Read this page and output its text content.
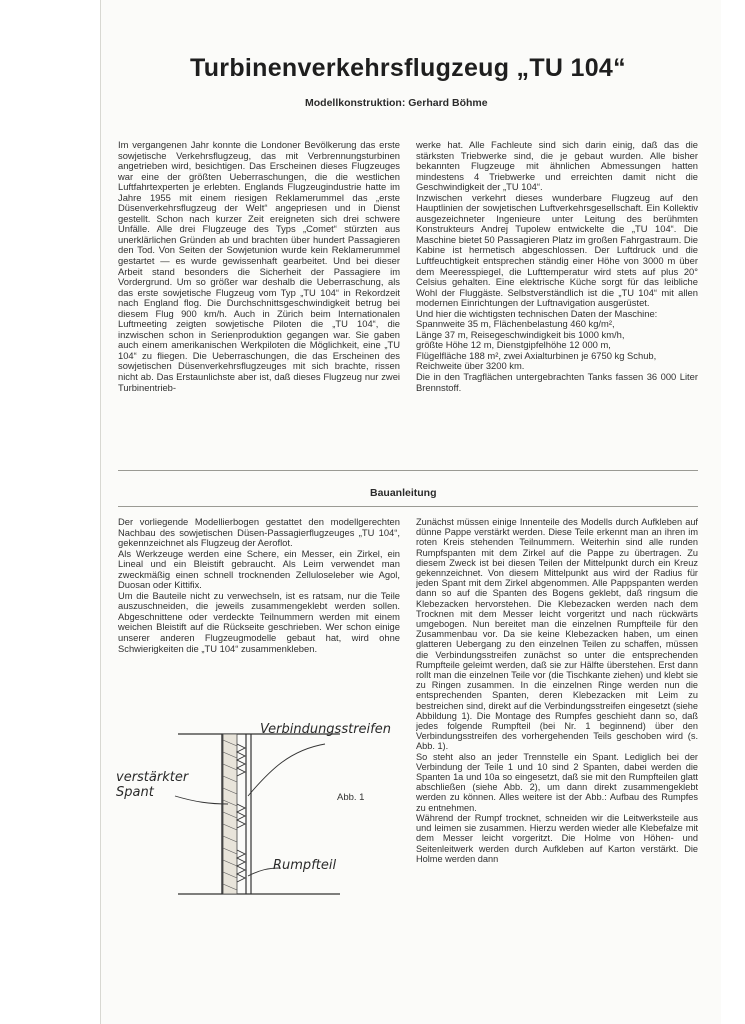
Turbinenverkehrsflugzeug „TU 104“
Modellkonstruktion: Gerhard Böhme

Im vergangenen Jahr konnte die Londoner Bevölkerung das erste sowjetische Verkehrsflugzeug, das mit Verbrennungsturbinen angetrieben wird, besichtigen. Das Erscheinen dieses Flugzeuges war eine der größten Ueberraschungen, die die westlichen Luftfahrtexperten je erlebten. Englands Flugzeugindustrie hatte im Jahre 1955 mit einem riesigen Reklamerummel das „erste Düsenverkehrsflugzeug der Welt“ angepriesen und in Dienst gestellt. Schon nach kurzer Zeit ereigneten sich drei schwere Unfälle. Alle drei Flugzeuge des Typs „Comet“ stürzten aus unerklärlichen Gründen ab und brachten über hundert Passagieren den Tod. Von Seiten der Sowjetunion wurde kein Reklamerummel gestartet — es wurde gewissenhaft gearbeitet. Und bei dieser Arbeit stand besonders die Sicherheit der Passagiere im Vordergrund. Um so größer war deshalb die Ueberraschung, als das erste sowjetische Flugzeug vom Typ „TU 104“ in Rekordzeit nach England flog. Die Durchschnittsgeschwindigkeit betrug bei diesem Flug 900 km/h. Auch in Zürich beim Internationalen Luftmeeting zeigten sowjetische Piloten die „TU 104“, die inzwischen schon in Serienproduktion gegangen war. Sie gaben auch einem amerikanischen Werkpiloten die Möglichkeit, eine „TU 104“ zu fliegen. Die Ueberraschungen, die das Erscheinen des sowjetischen Düsenverkehrsflugzeuges mit sich brachte, rissen nicht ab. Das Erstaunlichste aber ist, daß dieses Flugzeug nur zwei Turbinentrieb-

werke hat. Alle Fachleute sind sich darin einig, daß das die stärksten Triebwerke sind, die je gebaut wurden. Alle bisher bekannten Flugzeuge mit ähnlichen Abmessungen hatten mindestens 4 Triebwerke und erreichten damit nicht die Geschwindigkeit der „TU 104“.

Inzwischen verkehrt dieses wunderbare Flugzeug auf den Hauptlinien der sowjetischen Luftverkehrsgesellschaft. Ein Kollektiv ausgezeichneter Ingenieure unter Leitung des berühmten Konstrukteurs Andrej Tupolew entwickelte die „TU 104“. Die Maschine bietet 50 Passagieren Platz im großen Fahrgastraum. Die Kabine ist hermetisch abgeschlossen. Der Luftdruck und die Luftfeuchtigkeit entsprechen ständig einer Höhe von 3000 m über dem Meeresspiegel, die Lufttemperatur wird stets auf plus 20° Celsius gehalten. Eine elektrische Küche sorgt für das leibliche Wohl der Fluggäste. Selbstverständlich ist die „TU 104“ mit allen modernen Einrichtungen der Luftnavigation ausgerüstet.

Und hier die wichtigsten technischen Daten der Maschine:

Spannweite 35 m, Flächenbelastung 460 kg/m²,

Länge 37 m, Reisegeschwindigkeit bis 1000 km/h,

größte Höhe 12 m, Dienstgipfelhöhe 12 000 m,

Flügelfläche 188 m², zwei Axialturbinen je 6750 kg Schub,

Reichweite über 3200 km.

Die in den Tragflächen untergebrachten Tanks fassen 36 000 Liter Brennstoff.

Bauanleitung

Der vorliegende Modellierbogen gestattet den modellgerechten Nachbau des sowjetischen Düsen-Passagierflugzeuges „TU 104“, gekennzeichnet als Flugzeug der Aeroflot.

Als Werkzeuge werden eine Schere, ein Messer, ein Zirkel, ein Lineal und ein Bleistift gebraucht. Als Leim verwendet man zweckmäßig einen schnell trocknenden Zelluloseleber wie Agol, Duosan oder Kittifix.

Um die Bauteile nicht zu verwechseln, ist es ratsam, nur die Teile auszuschneiden, die jeweils zusammengeklebt werden sollen. Abgeschnittene oder verdeckte Teilnummern werden mit einem weichen Bleistift auf die Rückseite geschrieben. Wer schon einige unserer anderen Flugzeugmodelle gebaut hat, wird ohne Schwierigkeiten die „TU 104“ zusammenkleben.

Zunächst müssen einige Innenteile des Modells durch Aufkleben auf dünne Pappe verstärkt werden. Diese Teile erkennt man an ihren im roten Kreis stehenden Teilnummern. Weiterhin sind alle runden Rumpfspanten mit dem Zirkel auf die Pappe zu übertragen. Zu diesem Zweck ist bei diesen Teilen der Mittelpunkt durch ein Kreuz gekennzeichnet. Von diesem Mittelpunkt aus wird der Radius für jeden Spant mit dem Zirkel abgenommen. Alle Pappspanten werden dann so auf die Spanten des Bogens geklebt, daß ringsum die Klebezacken hervorstehen. Die Klebezacken werden nach dem Trocknen mit dem Messer leicht vorgeritzt und nach rückwärts umgebogen. Nun bereitet man die einzelnen Rumpfteile für den Zusammenbau vor. Da sie keine Klebezacken haben, um einen glatteren Uebergang zu den einzelnen Teilen zu schaffen, müssen die Verbindungsstreifen zunächst so unter die entsprechenden Rumpfteile geleimt werden, daß sie zur Hälfte überstehen. Erst dann rollt man die einzelnen Teile vor (die Tischkante ziehen) und klebt sie zu Ringen zusammen. In die einzelnen Ringe werden nun die entsprechenden Spanten, deren Klebezacken mit Leim zu bestreichen sind, direkt auf die Verbindungsstreifen eingesetzt (siehe Abbildung 1). Die Montage des Rumpfes geschieht dann so, daß jedes folgende Rumpfteil (bei Nr. 1 beginnend) über den Verbindungsstreifen des vorhergehenden Teils geschoben wird (s. Abb. 1).

So steht also an jeder Trennstelle ein Spant. Lediglich bei der Verbindung der Teile 1 und 10 sind 2 Spanten, dabei werden die Spanten 1a und 10a so eingesetzt, daß sie mit den Rumpfteilen glatt abschließen (siehe Abb. 2), um dann direkt zusammengeklebt werden zu können. Alles weitere ist der Abb.: Aufbau des Rumpfes zu entnehmen.

Während der Rumpf trocknet, schneiden wir die Leitwerksteile aus und leimen sie zusammen. Hierzu werden wieder alle Klebefalze mit dem Messer leicht vorgeritzt. Die Holme von Höhen- und Seitenleitwerk werden durch Aufkleben auf Karton verstärkt. Die Holme werden dann

Verbindungsstreifen
verstärkter Spant
Rumpfteil
Abb. 1
